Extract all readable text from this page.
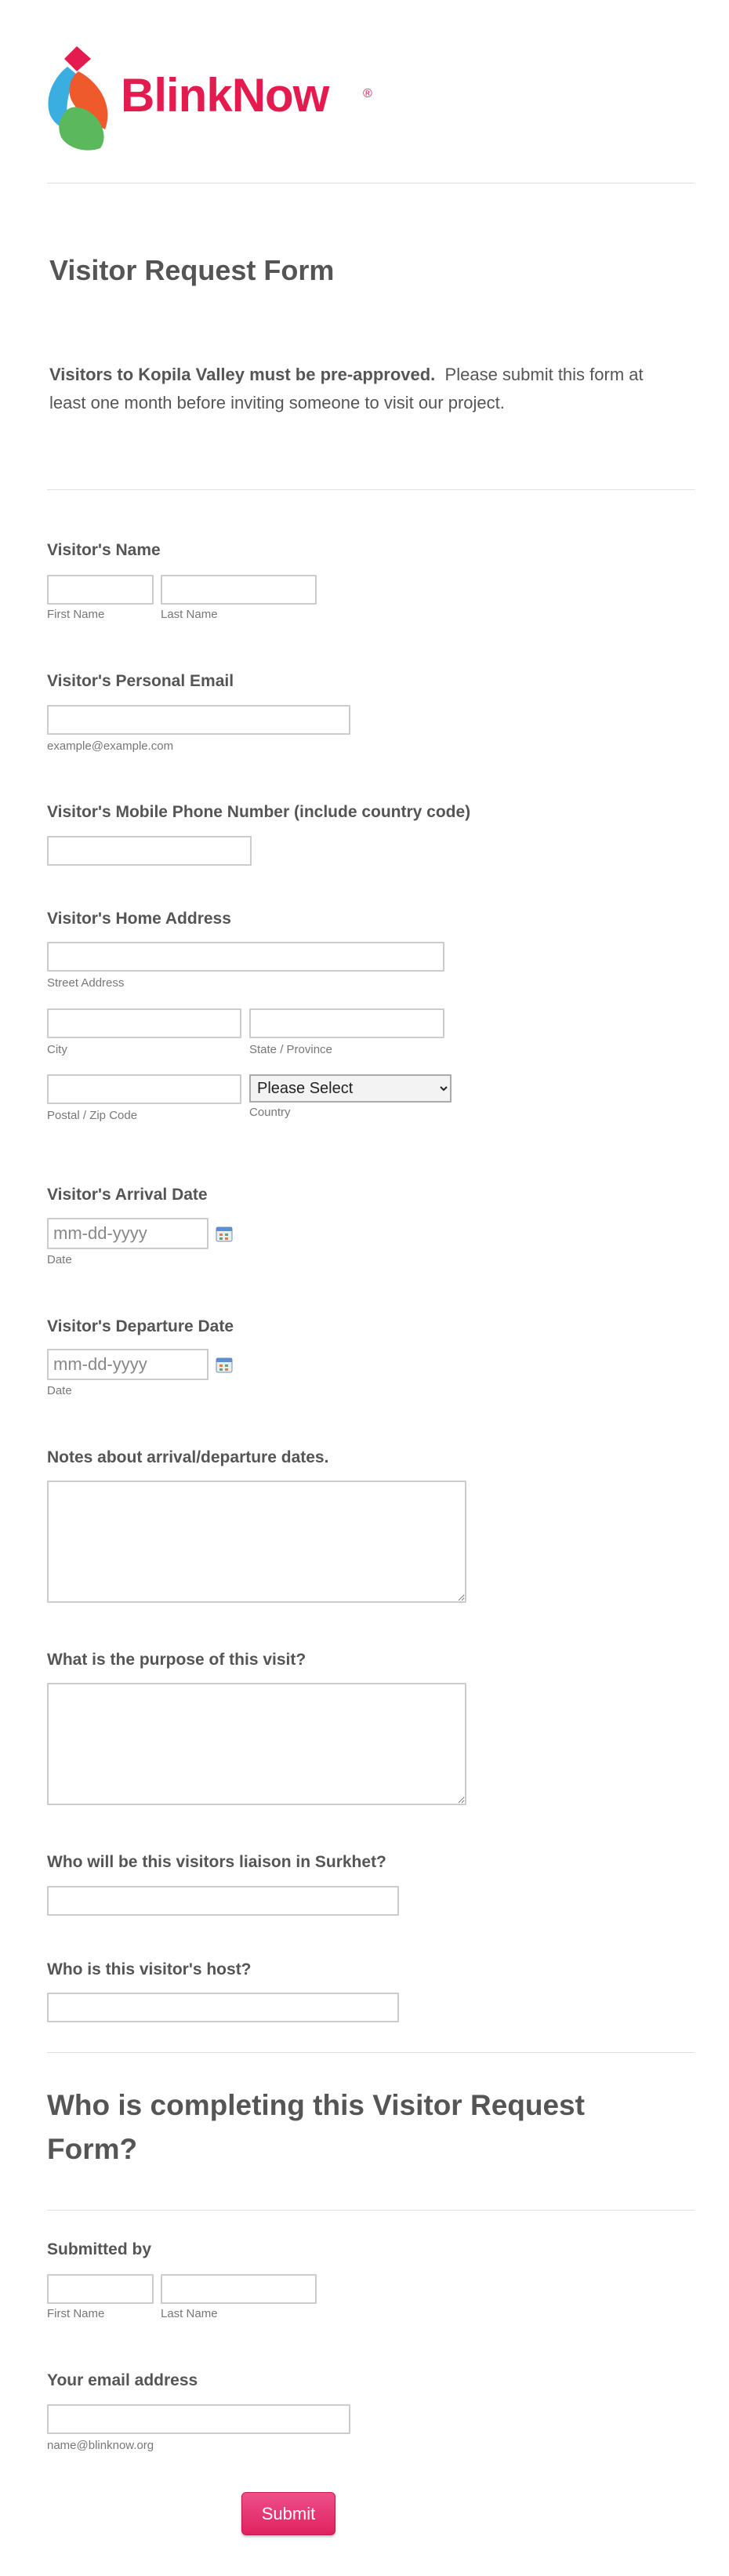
BlinkNow	®
Visitor Request Form
Visitors to Kopila Valley must be pre-approved. Please submit this form at least one month before inviting someone to visit our project.
Visitor's Name
First Name	Last Name
Visitor's Personal Email
example@example.com
Visitor's Mobile Phone Number (include country code)
Visitor's Home Address
Street Address
City	State / Province
Please Select
Postal / Zip Code	Country
Visitor's Arrival Date
mm-dd-yyyy
Date
Visitor's Departure Date
mm-dd-yyyy
Date
Notes about arrival/departure dates.
What is the purpose of this visit?
Who will be this visitors liaison in Surkhet?
Who is this visitor's host?
Who is completing this Visitor Request Form?
Submitted by
First Name	Last Name
Your email address
name@blinknow.org
Submit
